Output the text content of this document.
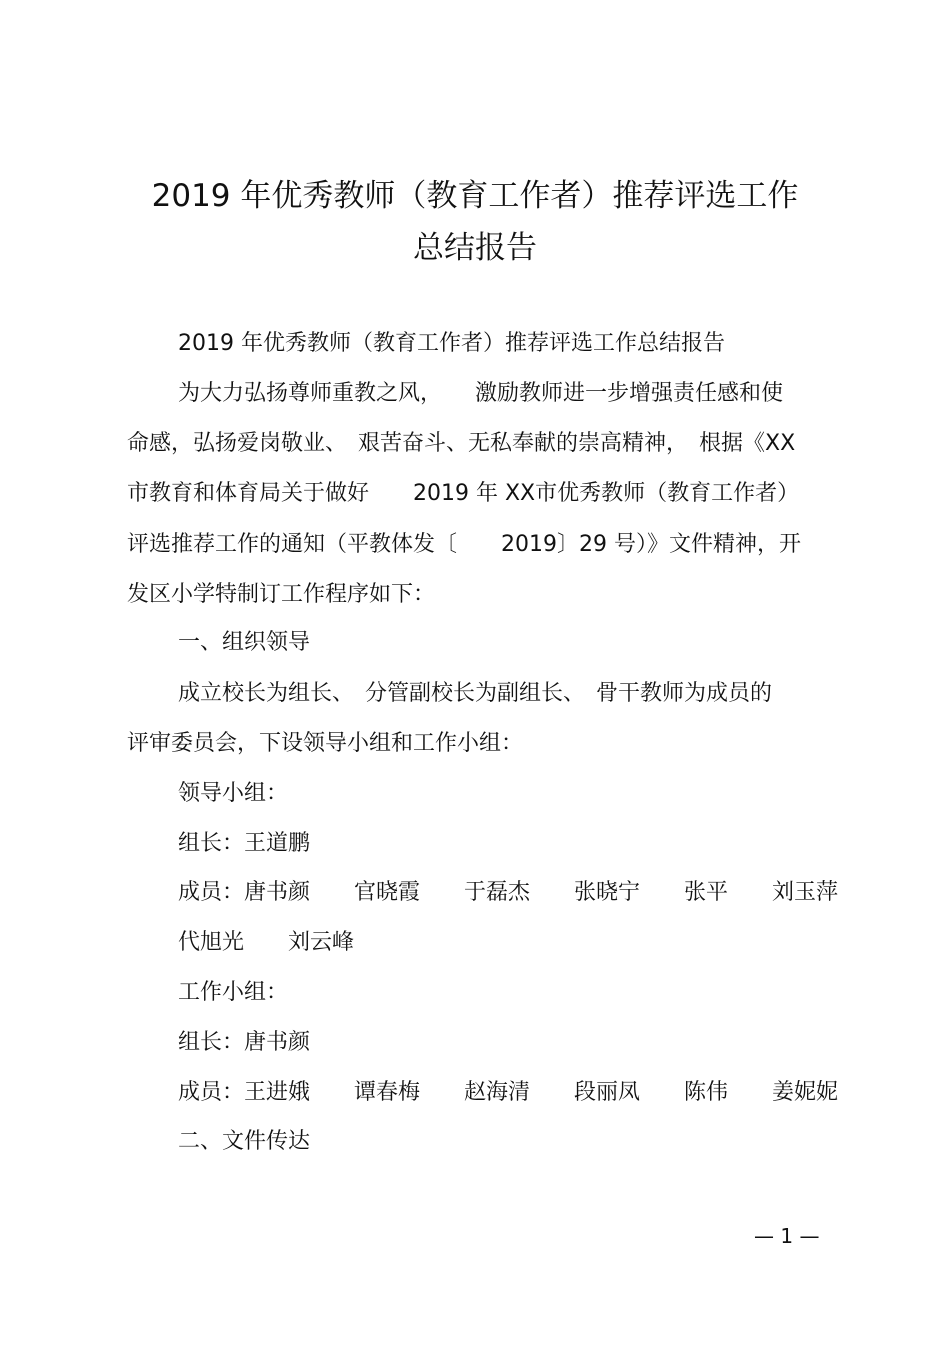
2019 年优秀教师（教育工作者）推荐评选工作
总结报告
2019 年优秀教师（教育工作者）推荐评选工作总结报告
为大力弘扬尊师重教之风，　　激励教师进一步增强责任感和使
命感，弘扬爱岗敬业、　艰苦奋斗、无私奉献的崇高精神，　根据《XX
市教育和体育局关于做好　　2019 年 XX市优秀教师（教育工作者）
评选推荐工作的通知（平教体发〔　　2019〕29 号）》文件精神，开
发区小学特制订工作程序如下：
一、组织领导
成立校长为组长、　分管副校长为副组长、　骨干教师为成员的
评审委员会，下设领导小组和工作小组：
领导小组：
组长：王道鹏
成员：唐书颜　　官晓霞　　于磊杰　　张晓宁　　张平　　刘玉萍
代旭光　　刘云峰
工作小组：
组长：唐书颜
成员：王进娥　　谭春梅　　赵海清　　段丽凤　　陈伟　　姜妮妮
二、文件传达
— 1 —
